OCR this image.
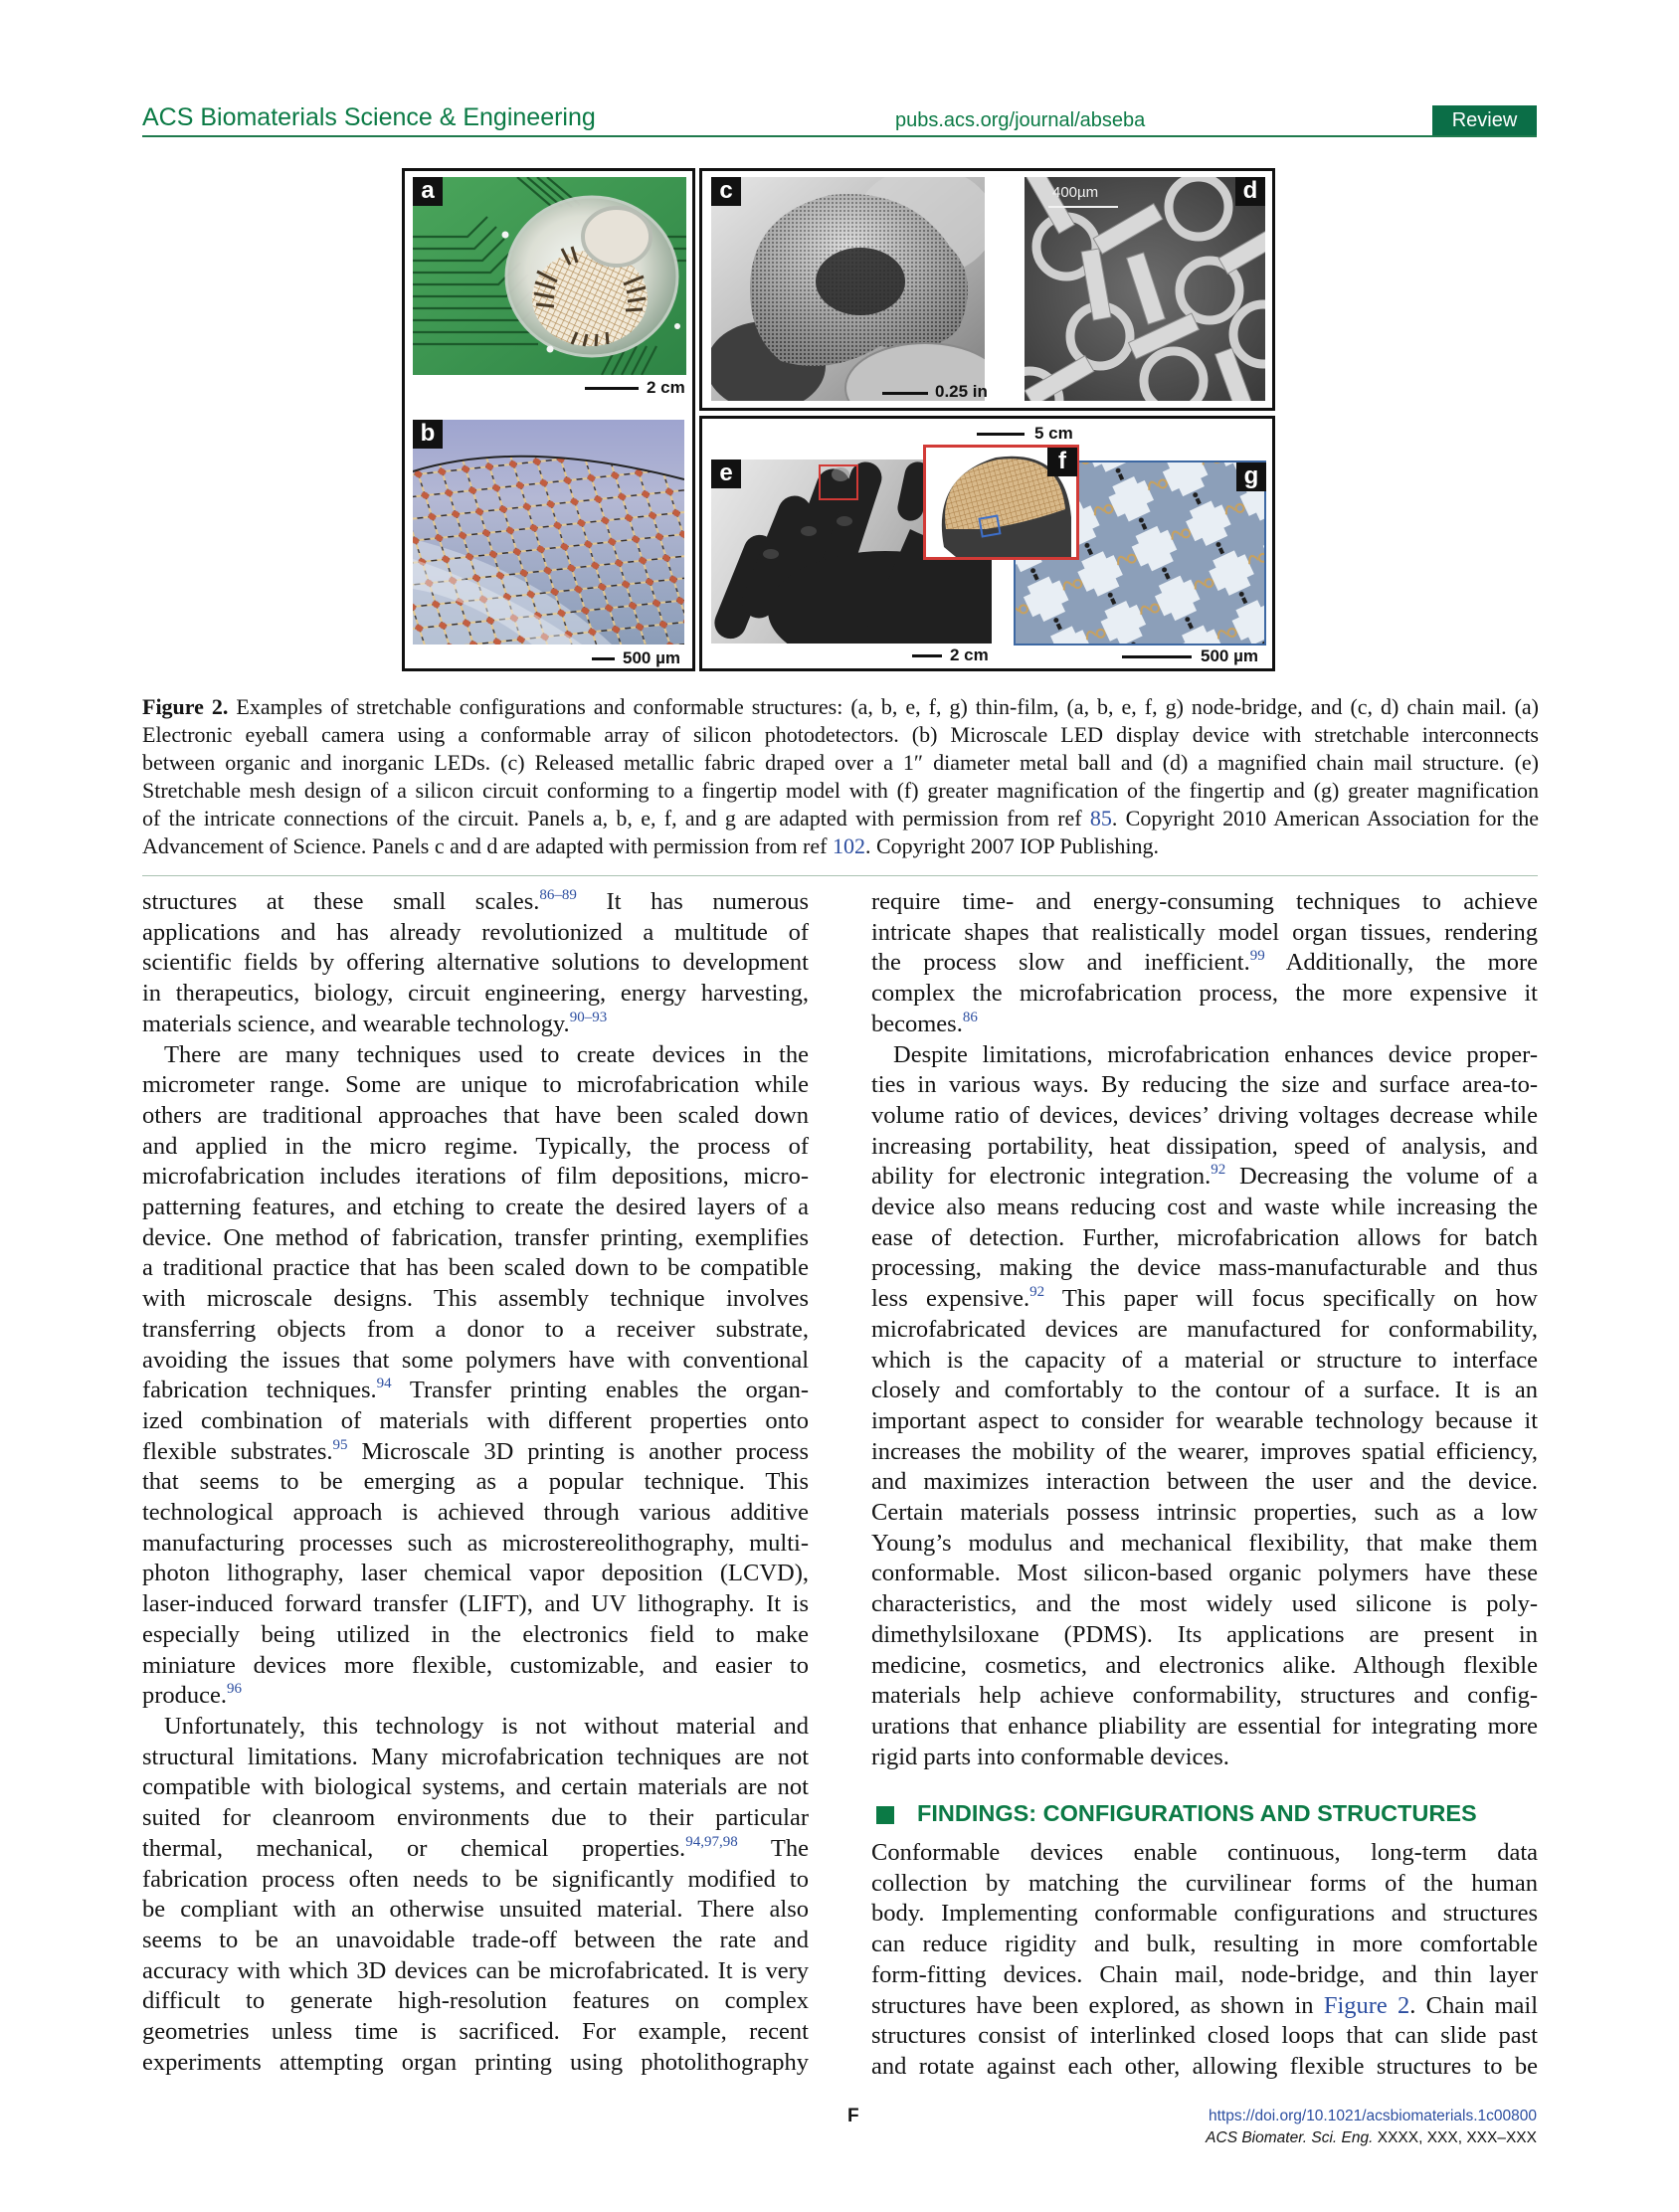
ACS Biomaterials Science & Engineering	pubs.acs.org/journal/abseba	Review
a
2 cm
b
500 µm
c
0.25 in
d
400µm
e
2 cm
g
500 µm
f
5 cm
Figure 2. Examples of stretchable configurations and conformable structures: (a, b, e, f, g) thin-film, (a, b, e, f, g) node-bridge, and (c, d) chain mail. (a)
Electronic eyeball camera using a conformable array of silicon photodetectors. (b) Microscale LED display device with stretchable interconnects
between organic and inorganic LEDs. (c) Released metallic fabric draped over a 1″ diameter metal ball and (d) a magnified chain mail structure. (e)
Stretchable mesh design of a silicon circuit conforming to a fingertip model with (f) greater magnification of the fingertip and (g) greater magnification
of the intricate connections of the circuit. Panels a, b, e, f, and g are adapted with permission from ref 85. Copyright 2010 American Association for the
Advancement of Science. Panels c and d are adapted with permission from ref 102. Copyright 2007 IOP Publishing.
structures at these small scales.$^{86-89}$ It has numerous
applications and has already revolutionized a multitude of
scientific fields by offering alternative solutions to development
in therapeutics, biology, circuit engineering, energy harvesting,
materials science, and wearable technology.$^{90-93}$
There are many techniques used to create devices in the
micrometer range. Some are unique to microfabrication while
others are traditional approaches that have been scaled down
and applied in the micro regime. Typically, the process of
microfabrication includes iterations of film depositions, micro-
patterning features, and etching to create the desired layers of a
device. One method of fabrication, transfer printing, exemplifies
a traditional practice that has been scaled down to be compatible
with microscale designs. This assembly technique involves
transferring objects from a donor to a receiver substrate,
avoiding the issues that some polymers have with conventional
fabrication techniques.$^{94}$ Transfer printing enables the organ-
ized combination of materials with different properties onto
flexible substrates.$^{95}$ Microscale 3D printing is another process
that seems to be emerging as a popular technique. This
technological approach is achieved through various additive
manufacturing processes such as microstereolithography, multi-
photon lithography, laser chemical vapor deposition (LCVD),
laser-induced forward transfer (LIFT), and UV lithography. It is
especially being utilized in the electronics field to make
miniature devices more flexible, customizable, and easier to
produce.$^{96}$
Unfortunately, this technology is not without material and
structural limitations. Many microfabrication techniques are not
compatible with biological systems, and certain materials are not
suited for cleanroom environments due to their particular
thermal, mechanical, or chemical properties.$^{94,97,98}$ The
fabrication process often needs to be significantly modified to
be compliant with an otherwise unsuited material. There also
seems to be an unavoidable trade-off between the rate and
accuracy with which 3D devices can be microfabricated. It is very
difficult to generate high-resolution features on complex
geometries unless time is sacrificed. For example, recent
experiments attempting organ printing using photolithography
require time- and energy-consuming techniques to achieve
intricate shapes that realistically model organ tissues, rendering
the process slow and inefficient.$^{99}$ Additionally, the more
complex the microfabrication process, the more expensive it
becomes.$^{86}$
Despite limitations, microfabrication enhances device proper-
ties in various ways. By reducing the size and surface area-to-
volume ratio of devices, devices’ driving voltages decrease while
increasing portability, heat dissipation, speed of analysis, and
ability for electronic integration.$^{92}$ Decreasing the volume of a
device also means reducing cost and waste while increasing the
ease of detection. Further, microfabrication allows for batch
processing, making the device mass-manufacturable and thus
less expensive.$^{92}$ This paper will focus specifically on how
microfabricated devices are manufactured for conformability,
which is the capacity of a material or structure to interface
closely and comfortably to the contour of a surface. It is an
important aspect to consider for wearable technology because it
increases the mobility of the wearer, improves spatial efficiency,
and maximizes interaction between the user and the device.
Certain materials possess intrinsic properties, such as a low
Young’s modulus and mechanical flexibility, that make them
conformable. Most silicon-based organic polymers have these
characteristics, and the most widely used silicone is poly-
dimethylsiloxane (PDMS). Its applications are present in
medicine, cosmetics, and electronics alike. Although flexible
materials help achieve conformability, structures and config-
urations that enhance pliability are essential for integrating more
rigid parts into conformable devices.
FINDINGS: CONFIGURATIONS AND STRUCTURES
Conformable devices enable continuous, long-term data
collection by matching the curvilinear forms of the human
body. Implementing conformable configurations and structures
can reduce rigidity and bulk, resulting in more comfortable
form-fitting devices. Chain mail, node-bridge, and thin layer
structures have been explored, as shown in Figure 2. Chain mail
structures consist of interlinked closed loops that can slide past
and rotate against each other, allowing flexible structures to be
F	https://doi.org/10.1021/acsbiomaterials.1c00800
ACS Biomater. Sci. Eng. XXXX, XXX, XXX–XXX
